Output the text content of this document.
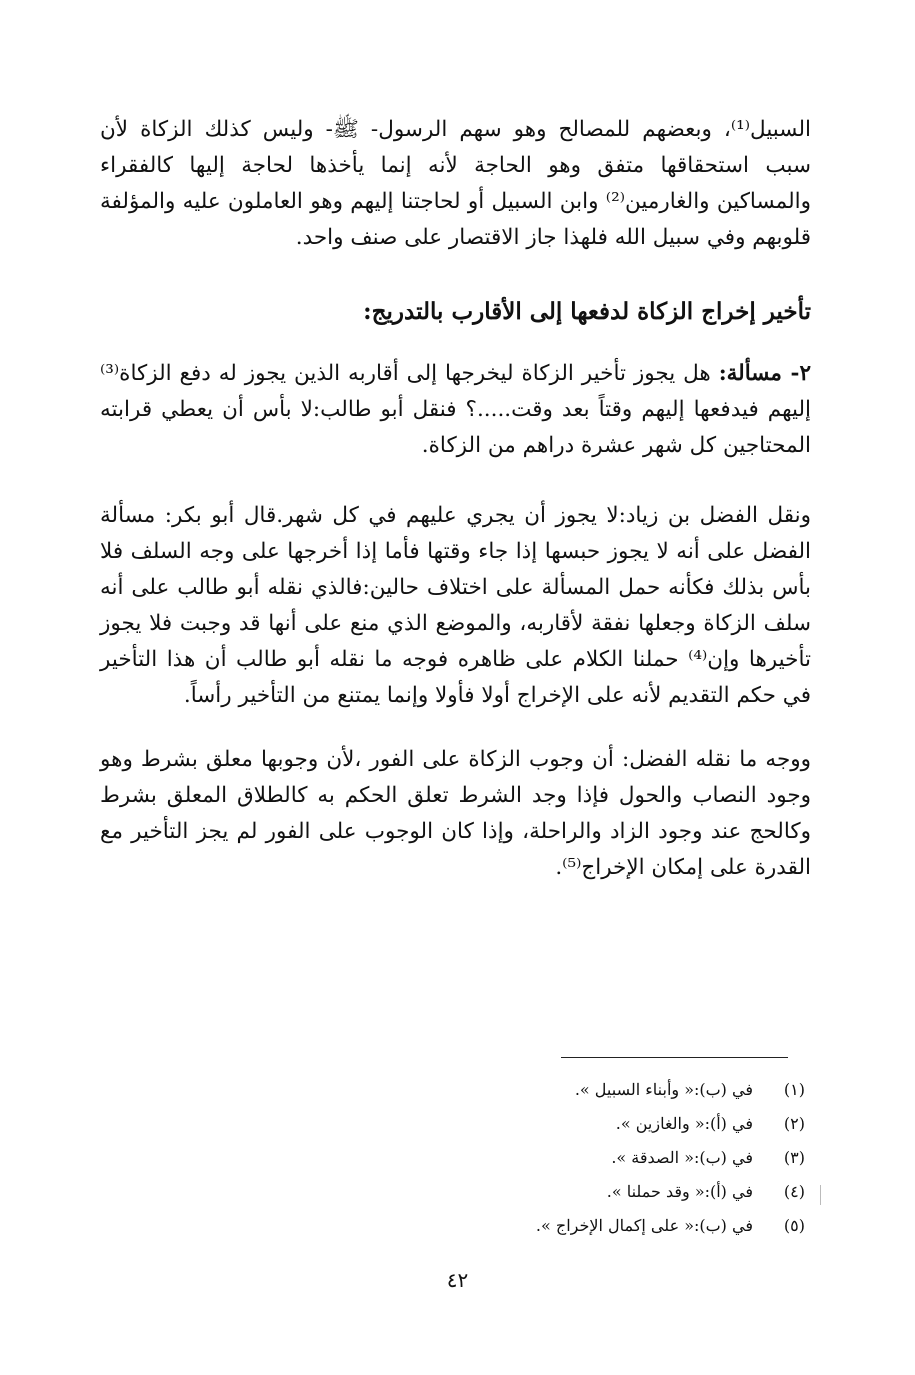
السبيل⁽¹⁾، وبعضهم للمصالح وهو سهم الرسول- ﷺ- وليس كذلك الزكاة لأن سبب استحقاقها متفق وهو الحاجة لأنه إنما يأخذها لحاجة إليها كالفقراء والمساكين والغارمين⁽²⁾ وابن السبيل أو لحاجتنا إليهم وهو العاملون عليه والمؤلفة قلوبهم وفي سبيل الله فلهذا جاز الاقتصار على صنف واحد.

تأخير إخراج الزكاة لدفعها إلى الأقارب بالتدريج:

٢- مسألة: هل يجوز تأخير الزكاة ليخرجها إلى أقاربه الذين يجوز له دفع الزكاة⁽³⁾ إليهم فيدفعها إليهم وقتاً بعد وقت.....؟ فنقل أبو طالب:لا بأس أن يعطي قرابته المحتاجين كل شهر عشرة دراهم من الزكاة.

ونقل الفضل بن زياد:لا يجوز أن يجري عليهم في كل شهر.قال أبو بكر: مسألة الفضل على أنه لا يجوز حبسها إذا جاء وقتها فأما إذا أخرجها على وجه السلف فلا بأس بذلك فكأنه حمل المسألة على اختلاف حالين:فالذي نقله أبو طالب على أنه سلف الزكاة وجعلها نفقة لأقاربه، والموضع الذي منع على أنها قد وجبت فلا يجوز تأخيرها وإن⁽⁴⁾ حملنا الكلام على ظاهره فوجه ما نقله أبو طالب أن هذا التأخير في حكم التقديم لأنه على الإخراج أولا فأولا وإنما يمتنع من التأخير رأساً.

ووجه ما نقله الفضل: أن وجوب الزكاة على الفور ،لأن وجوبها معلق بشرط وهو وجود النصاب والحول فإذا وجد الشرط تعلق الحكم به كالطلاق المعلق بشرط وكالحج عند وجود الزاد والراحلة، وإذا كان الوجوب على الفور لم يجز التأخير مع القدرة على إمكان الإخراج⁽⁵⁾.

(١)
في (ب):« وأبناء السبيل ».
(٢)
في (أ):« والغازين ».
(٣)
في (ب):« الصدقة ».
(٤)
في (أ):« وقد حملنا ».
(٥)
في (ب):« على إكمال الإخراج ».
٤٢
